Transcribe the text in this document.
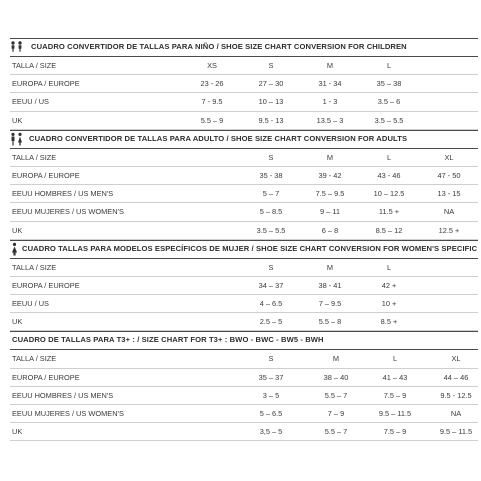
CUADRO CONVERTIDOR DE TALLAS PARA NIÑO / SHOE SIZE CHART CONVERSION FOR CHILDREN
TALLA / SIZE	XS	S	M	L
EUROPA / EUROPE	23 - 26	27 – 30	31 - 34	35 – 38
EEUU / US	7 - 9.5	10 – 13	1 - 3	3.5 – 6
UK	5.5 – 9	9.5 - 13	13.5 – 3	3.5 – 5.5
CUADRO CONVERTIDOR DE TALLAS PARA ADULTO / SHOE SIZE CHART CONVERSION FOR ADULTS
TALLA / SIZE	S	M	L	XL
EUROPA / EUROPE	35 - 38	39 - 42	43 - 46	47 - 50
EEUU HOMBRES / US MEN'S	5 – 7	7.5 – 9.5	10 – 12.5	13 - 15
EEUU MUJERES / US WOMEN'S	5 – 8.5	9 – 11	11.5 +	NA
UK	3.5 – 5.5	6 – 8	8.5 – 12	12.5 +
CUADRO TALLAS PARA MODELOS ESPECÍFICOS DE MUJER / SHOE SIZE CHART CONVERSION FOR WOMEN'S SPECIFIC
TALLA / SIZE	S	M	L
EUROPA / EUROPE	34 – 37	38 - 41	42 +
EEUU / US	4 – 6.5	7 – 9.5	10 +
UK	2.5 – 5	5.5 – 8	8.5 +
CUADRO DE TALLAS PARA T3+ : / SIZE CHART FOR T3+ : BWO - BWC - BW5 - BWH
TALLA / SIZE	S	M	L	XL
EUROPA / EUROPE	35 – 37	38 – 40	41 – 43	44 – 46
EEUU HOMBRES / US MEN'S	3 – 5	5.5 – 7	7.5 – 9	9.5 - 12.5
EEUU MUJERES / US WOMEN'S	5 – 6.5	7 – 9	9.5 – 11.5	NA
UK	3,5 – 5	5.5 – 7	7.5 – 9	9.5 – 11.5
